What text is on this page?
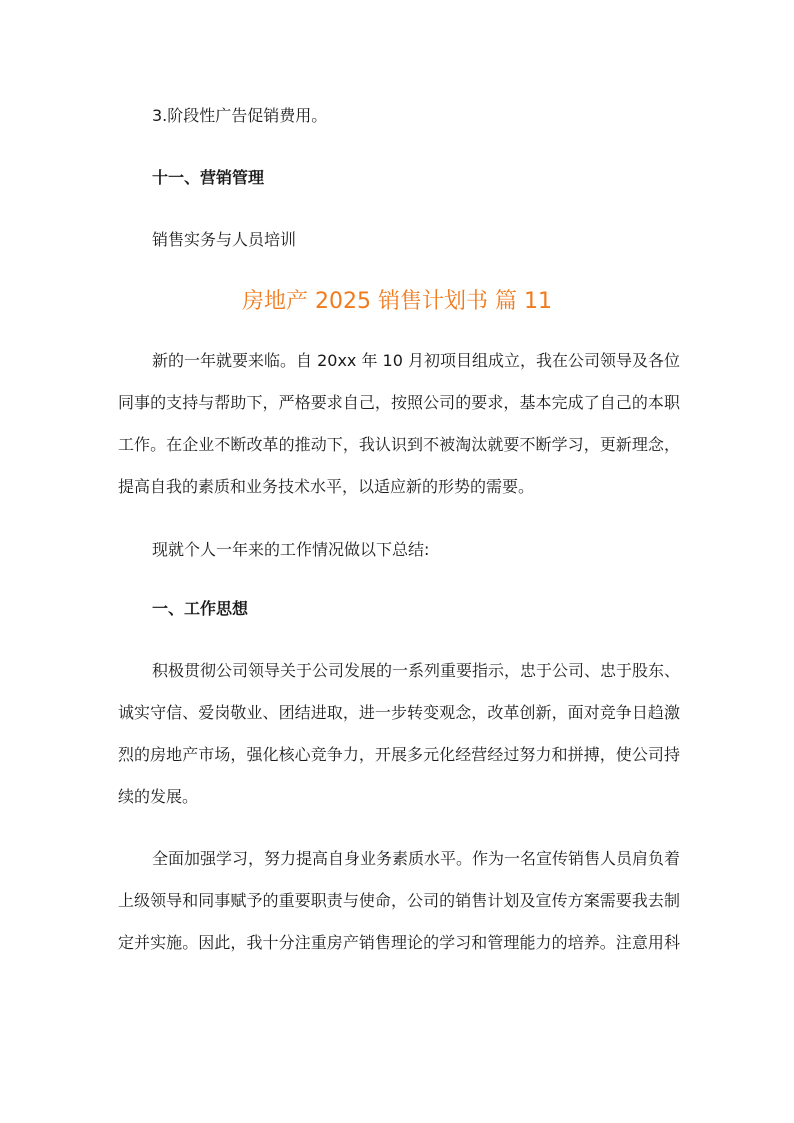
3.阶段性广告促销费用。
十一、营销管理
销售实务与人员培训
房地产 2025 销售计划书 篇 11
新的一年就要来临。自 20xx 年 10 月初项目组成立，我在公司领导及各位
同事的支持与帮助下，严格要求自己，按照公司的要求，基本完成了自己的本职
工作。在企业不断改革的推动下，我认识到不被淘汰就要不断学习，更新理念，
提高自我的素质和业务技术水平，以适应新的形势的需要。
现就个人一年来的工作情况做以下总结:
一、工作思想
积极贯彻公司领导关于公司发展的一系列重要指示，忠于公司、忠于股东、
诚实守信、爱岗敬业、团结进取，进一步转变观念，改革创新，面对竞争日趋激
烈的房地产市场，强化核心竞争力，开展多元化经营经过努力和拼搏，使公司持
续的发展。
全面加强学习，努力提高自身业务素质水平。作为一名宣传销售人员肩负着
上级领导和同事赋予的重要职责与使命，公司的销售计划及宣传方案需要我去制
定并实施。因此，我十分注重房产销售理论的学习和管理能力的培养。注意用科
